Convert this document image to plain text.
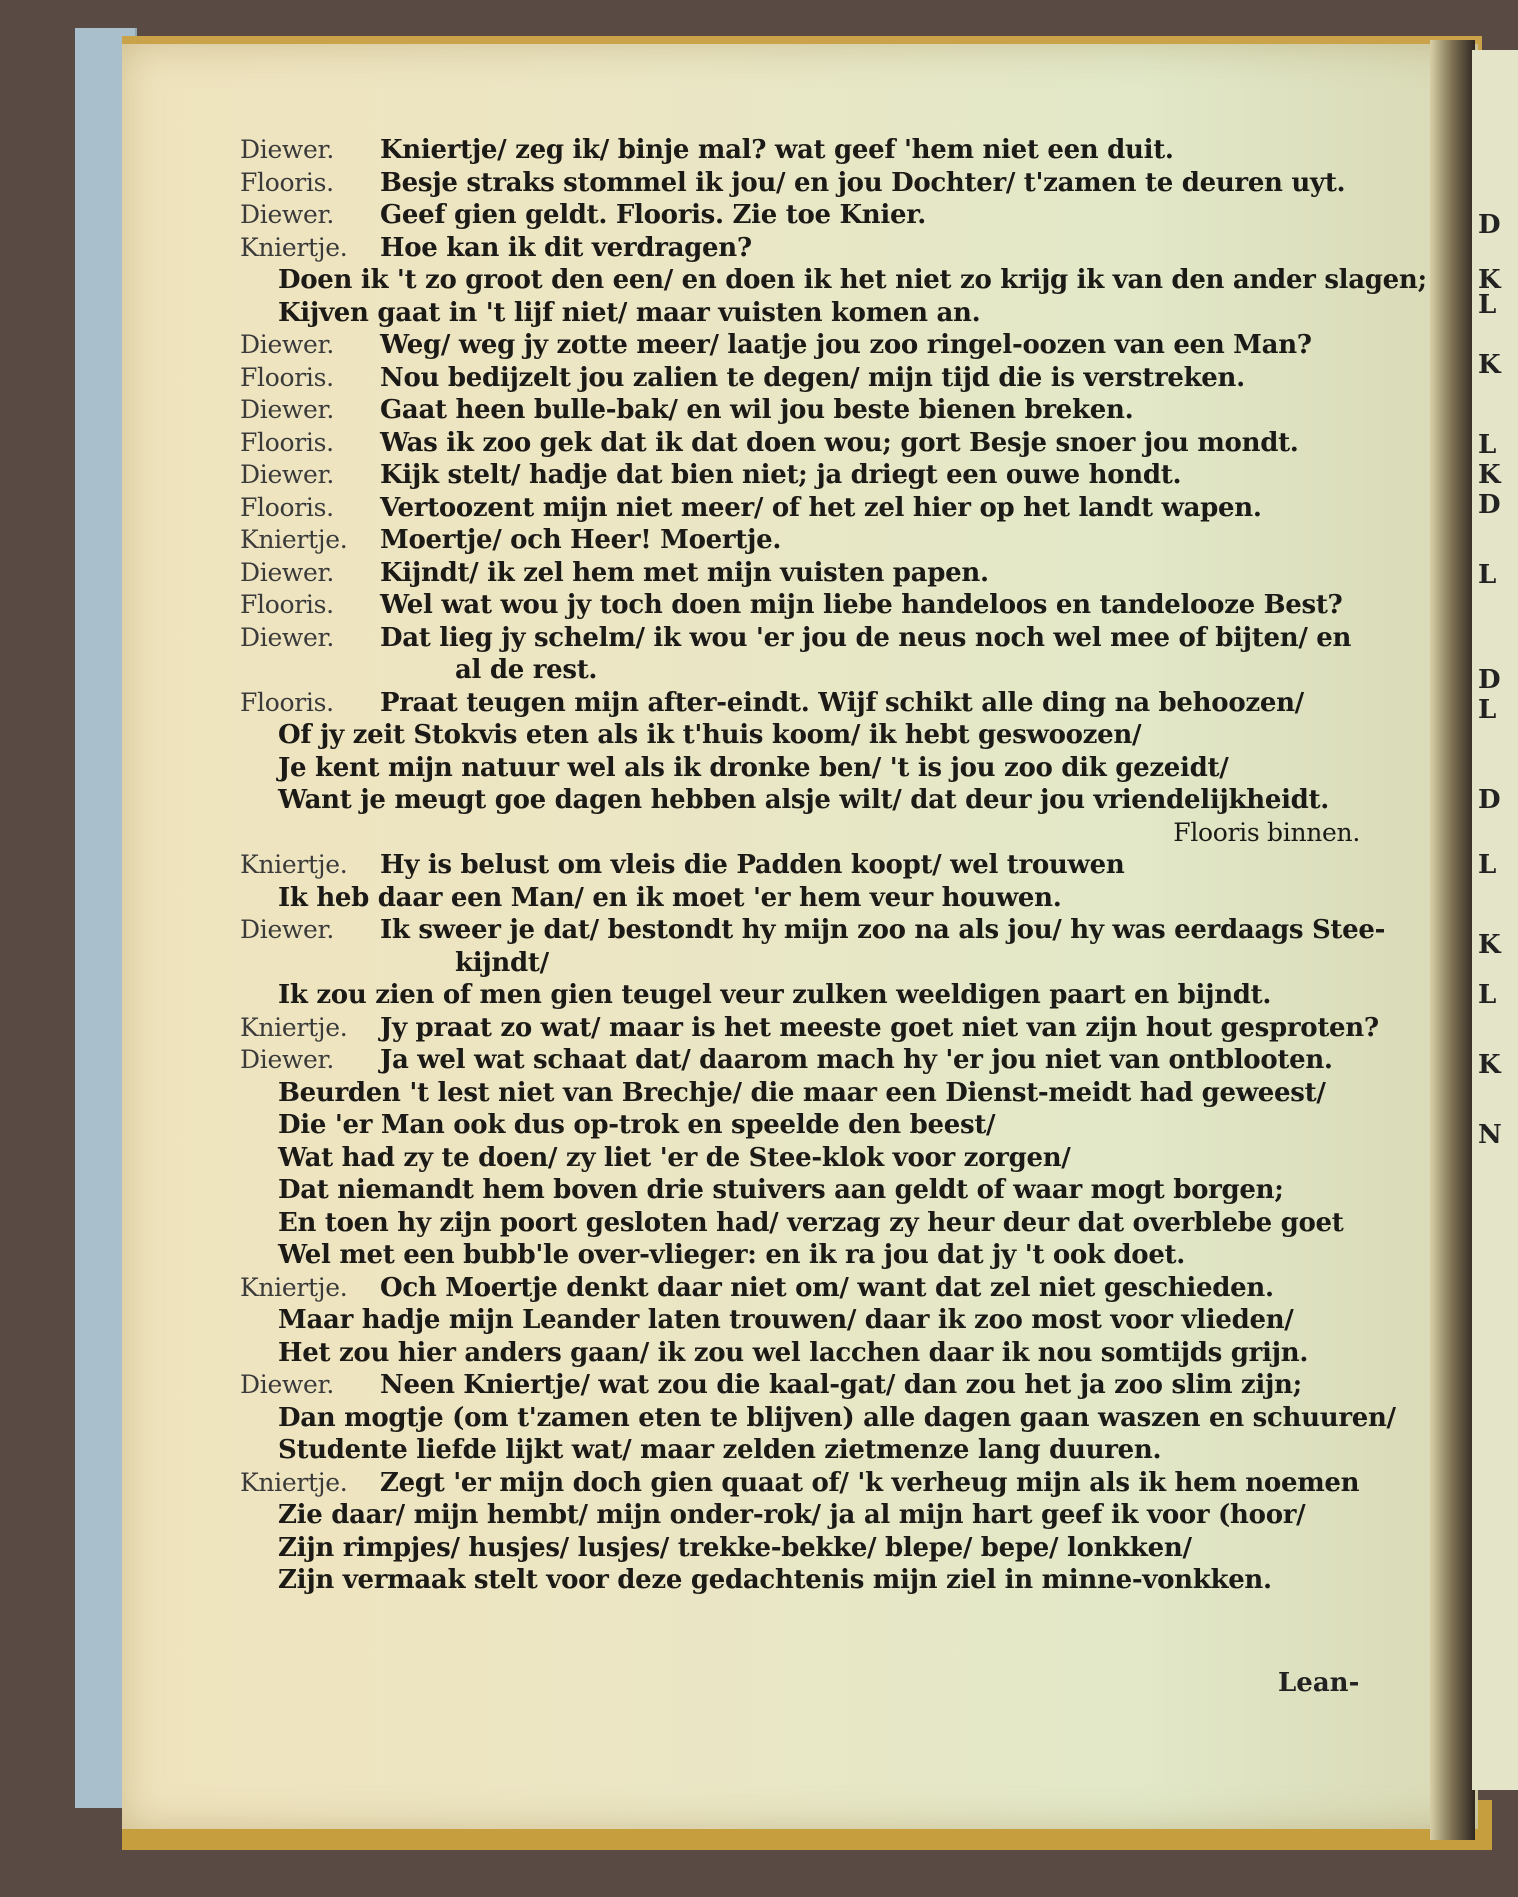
D
K
L
K
L
K
D
L
D
L
D
L
K
L
K
N
Diewer. Kniertje/ zeg ik/ binje mal? wat geef 'hem niet een duit.
Flooris. Besje straks stommel ik jou/ en jou Dochter/ t'zamen te deuren uyt.
Diewer. Geef gien geldt. Flooris. Zie toe Knier.
Kniertje. Hoe kan ik dit verdragen?
Doen ik 't zo groot den een/ en doen ik het niet zo krijg ik van den ander slagen;
Kijven gaat in 't lijf niet/ maar vuisten komen an.
Diewer. Weg/ weg jy zotte meer/ laatje jou zoo ringel-oozen van een Man?
Flooris. Nou bedijzelt jou zalien te degen/ mijn tijd die is verstreken.
Diewer. Gaat heen bulle-bak/ en wil jou beste bienen breken.
Flooris. Was ik zoo gek dat ik dat doen wou; gort Besje snoer jou mondt.
Diewer. Kijk stelt/ hadje dat bien niet; ja driegt een ouwe hondt.
Flooris. Vertoozent mijn niet meer/ of het zel hier op het landt wapen.
Kniertje. Moertje/ och Heer! Moertje.
Diewer. Kijndt/ ik zel hem met mijn vuisten papen.
Flooris. Wel wat wou jy toch doen mijn liebe handeloos en tandelooze Best?
Diewer. Dat lieg jy schelm/ ik wou 'er jou de neus noch wel mee of bijten/ en
al de rest.
Flooris. Praat teugen mijn after-eindt. Wijf schikt alle ding na behoozen/
Of jy zeit Stokvis eten als ik t'huis koom/ ik hebt geswoozen/
Je kent mijn natuur wel als ik dronke ben/ 't is jou zoo dik gezeidt/
Want je meugt goe dagen hebben alsje wilt/ dat deur jou vriendelijkheidt.
Flooris binnen.
Kniertje. Hy is belust om vleis die Padden koopt/ wel trouwen
Ik heb daar een Man/ en ik moet 'er hem veur houwen.
Diewer. Ik sweer je dat/ bestondt hy mijn zoo na als jou/ hy was eerdaags Stee-
kijndt/
Ik zou zien of men gien teugel veur zulken weeldigen paart en bijndt.
Kniertje. Jy praat zo wat/ maar is het meeste goet niet van zijn hout gesproten?
Diewer. Ja wel wat schaat dat/ daarom mach hy 'er jou niet van ontblooten.
Beurden 't lest niet van Brechje/ die maar een Dienst-meidt had geweest/
Die 'er Man ook dus op-trok en speelde den beest/
Wat had zy te doen/ zy liet 'er de Stee-klok voor zorgen/
Dat niemandt hem boven drie stuivers aan geldt of waar mogt borgen;
En toen hy zijn poort gesloten had/ verzag zy heur deur dat overblebe goet
Wel met een bubb'le over-vlieger: en ik ra jou dat jy 't ook doet.
Kniertje. Och Moertje denkt daar niet om/ want dat zel niet geschieden.
Maar hadje mijn Leander laten trouwen/ daar ik zoo most voor vlieden/
Het zou hier anders gaan/ ik zou wel lacchen daar ik nou somtijds grijn.
Diewer. Neen Kniertje/ wat zou die kaal-gat/ dan zou het ja zoo slim zijn;
Dan mogtje (om t'zamen eten te blijven) alle dagen gaan waszen en schuuren/
Studente liefde lijkt wat/ maar zelden zietmenze lang duuren.
Kniertje. Zegt 'er mijn doch gien quaat of/ 'k verheug mijn als ik hem noemen
Zie daar/ mijn hembt/ mijn onder-rok/ ja al mijn hart geef ik voor (hoor/
Zijn rimpjes/ husjes/ lusjes/ trekke-bekke/ blepe/ bepe/ lonkken/
Zijn vermaak stelt voor deze gedachtenis mijn ziel in minne-vonkken.
Lean-
